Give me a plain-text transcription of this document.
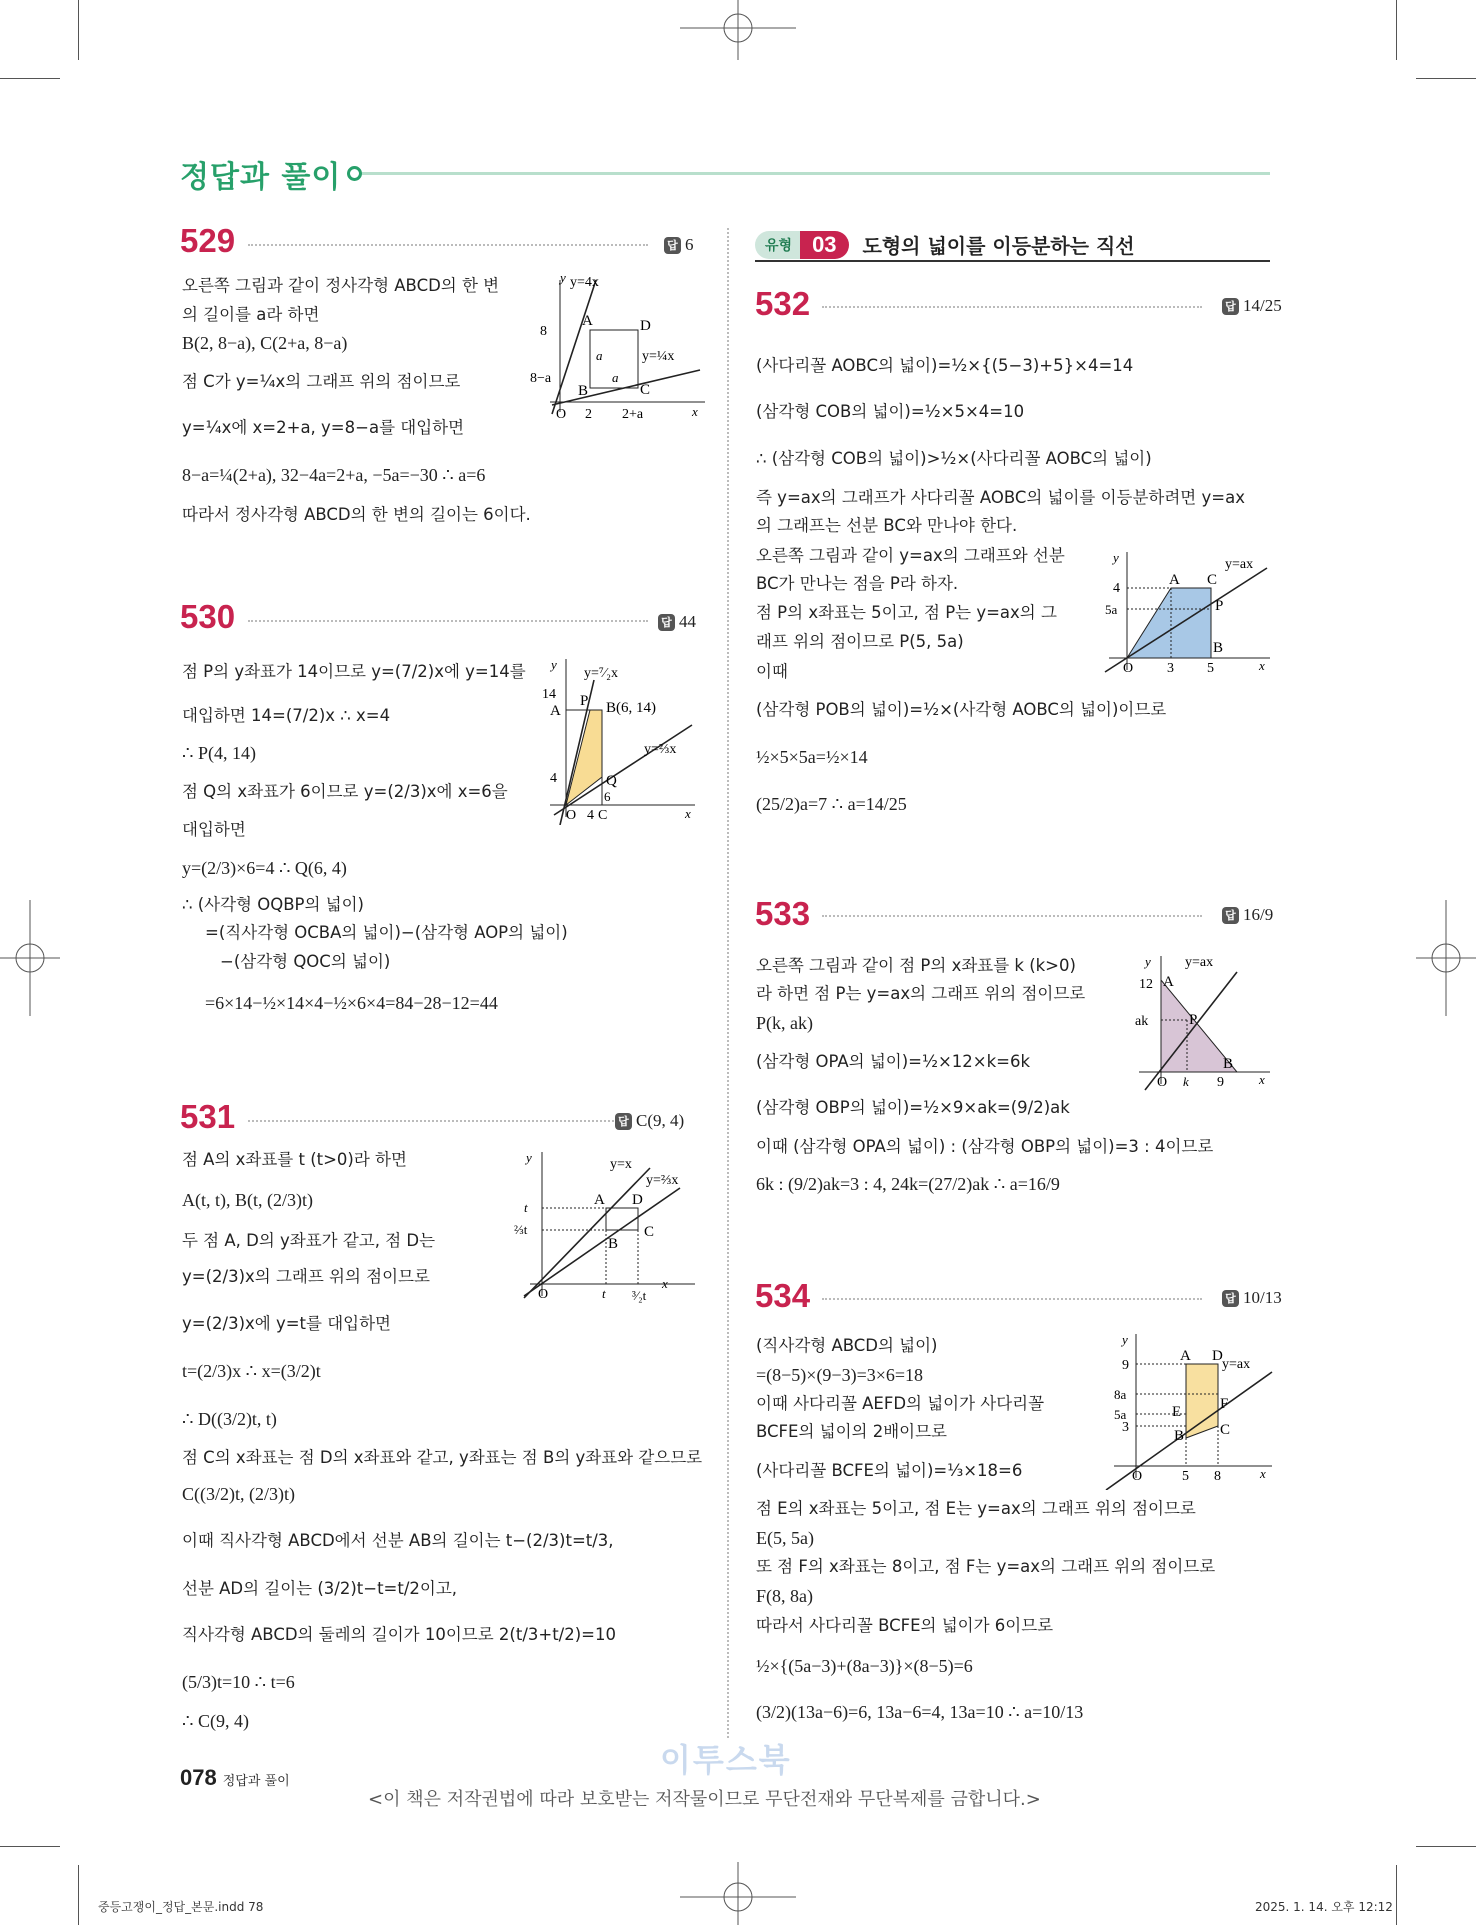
정답과 풀이
529	답 6
오른쪽 그림과 같이 정사각형 ABCD의 한 변
의 길이를 a라 하면
B(2, 8−a), C(2+a, 8−a)
점 C가 y=¼x의 그래프 위의 점이므로
y=¼x에 x=2+a, y=8−a를 대입하면
8−a=¼(2+a), 32−4a=2+a, −5a=−30 ∴ a=6
따라서 정사각형 ABCD의 한 변의 길이는 6이다.
y y=4x
8
8−a
O 2 2+a
A	D
B	C
a
a
y=¼x
x
530	답 44
점 P의 y좌표가 14이므로 y=(7/2)x에 y=14를
대입하면 14=(7/2)x ∴ x=4
∴ P(4, 14)
점 Q의 x좌표가 6이므로 y=(2/3)x에 x=6을
대입하면
y=(2/3)×6=4 ∴ Q(6, 4)
∴ (사각형 OQBP의 넓이)
=(직사각형 OCBA의 넓이)−(삼각형 AOP의 넓이)
−(삼각형 QOC의 넓이)
=6×14−½×14×4−½×6×4=84−28−12=44
y
y=⁷⁄₂x
14
A
P B(6, 14)
4	Q
6
O 4 C
y=⅔x
x
531	답 C(9, 4)
점 A의 x좌표를 t (t>0)라 하면
A(t, t), B(t, (2/3)t)
두 점 A, D의 y좌표가 같고, 점 D는
y=(2/3)x의 그래프 위의 점이므로
y=(2/3)x에 y=t를 대입하면
t=(2/3)x ∴ x=(3/2)t
∴ D((3/2)t, t)
점 C의 x좌표는 점 D의 x좌표와 같고, y좌표는 점 B의 y좌표와 같으므로
C((3/2)t, (2/3)t)
이때 직사각형 ABCD에서 선분 AB의 길이는 t−(2/3)t=t/3,
선분 AD의 길이는 (3/2)t−t=t/2이고,
직사각형 ABCD의 둘레의 길이가 10이므로 2(t/3+t/2)=10
(5/3)t=10 ∴ t=6
∴ C(9, 4)
y	y=x
y=⅔x
t
⅔t
A D
B
C
O	t ³⁄₂t
x
유형 03	도형의 넓이를 이등분하는 직선
532	답 14/25
(사다리꼴 AOBC의 넓이)=½×{(5−3)+5}×4=14
(삼각형 COB의 넓이)=½×5×4=10
∴ (삼각형 COB의 넓이)>½×(사다리꼴 AOBC의 넓이)
즉 y=ax의 그래프가 사다리꼴 AOBC의 넓이를 이등분하려면 y=ax
의 그래프는 선분 BC와 만나야 한다.
오른쪽 그림과 같이 y=ax의 그래프와 선분
BC가 만나는 점을 P라 하자.
점 P의 x좌표는 5이고, 점 P는 y=ax의 그
래프 위의 점이므로 P(5, 5a)
이때
(삼각형 POB의 넓이)=½×(사각형 AOBC의 넓이)이므로
½×5×5a=½×14
(25/2)a=7 ∴ a=14/25
y	y=ax
4
5a
A C
P
B
O 3 5	x
533	답 16/9
오른쪽 그림과 같이 점 P의 x좌표를 k (k>0)
라 하면 점 P는 y=ax의 그래프 위의 점이므로
P(k, ak)
(삼각형 OPA의 넓이)=½×12×k=6k
(삼각형 OBP의 넓이)=½×9×ak=(9/2)ak
이때 (삼각형 OPA의 넓이) : (삼각형 OBP의 넓이)=3 : 4이므로
6k : (9/2)ak=3 : 4, 24k=(27/2)ak ∴ a=16/9
y y=ax
12 A
ak	P
B
O k 9	x
534	답 10/13
(직사각형 ABCD의 넓이)
=(8−5)×(9−3)=3×6=18
이때 사다리꼴 AEFD의 넓이가 사다리꼴
BCFE의 넓이의 2배이므로
(사다리꼴 BCFE의 넓이)=⅓×18=6
점 E의 x좌표는 5이고, 점 E는 y=ax의 그래프 위의 점이므로
E(5, 5a)
또 점 F의 x좌표는 8이고, 점 F는 y=ax의 그래프 위의 점이므로
F(8, 8a)
따라서 사다리꼴 BCFE의 넓이가 6이므로
½×{(5a−3)+(8a−3)}×(8−5)=6
(3/2)(13a−6)=6, 13a−6=4, 13a=10 ∴ a=10/13
y
9
8a
5a
3
A D
y=ax
E	F
B C
O	5 8	x
이투스북
078 정답과 풀이
<이 책은 저작권법에 따라 보호받는 저작물이므로 무단전재와 무단복제를 금합니다.>
중등고쟁이_정답_본문.indd 78	2025. 1. 14. 오후 12:12
